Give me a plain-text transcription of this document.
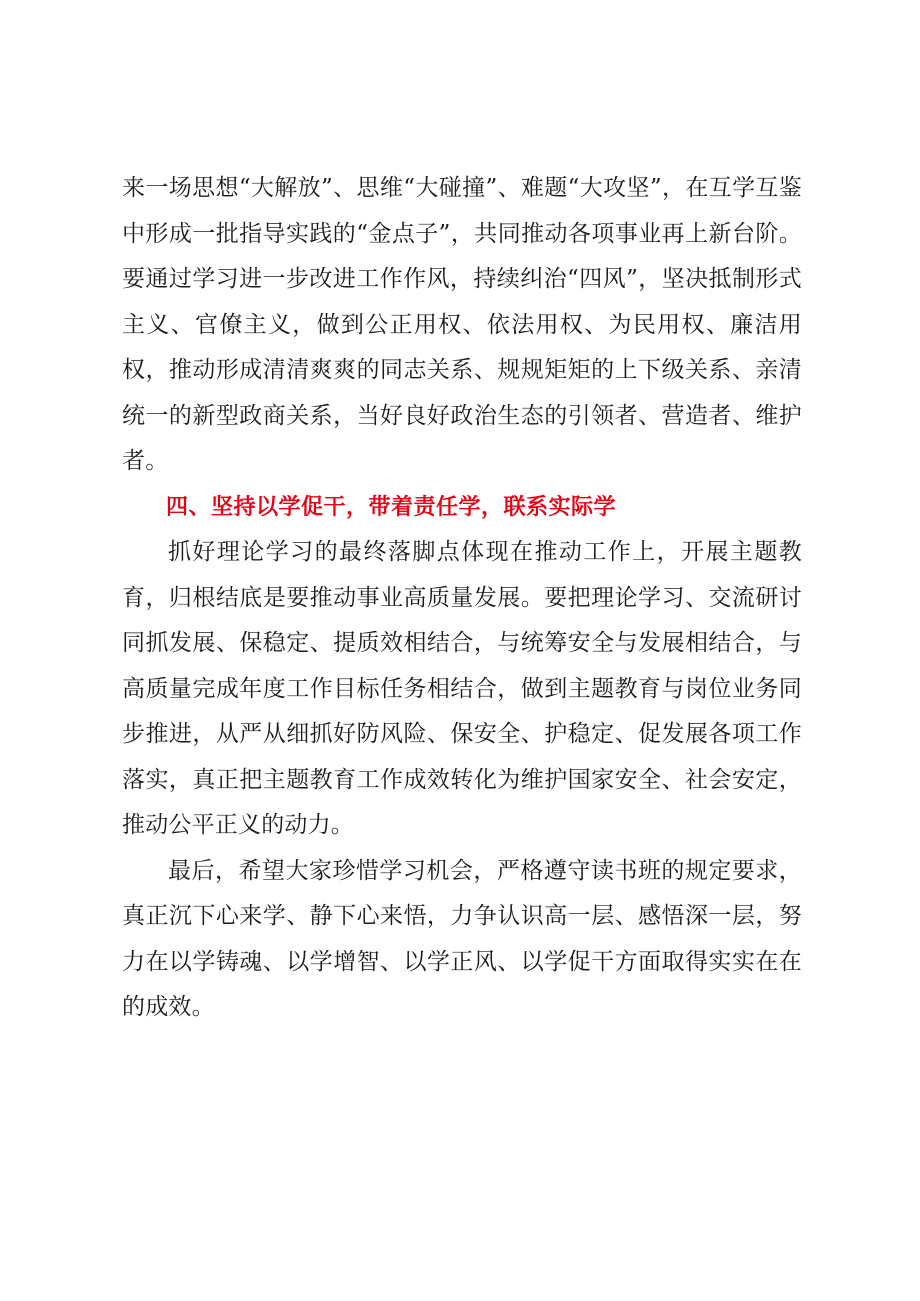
来一场思想“大解放”、思维“大碰撞”、难题“大攻坚”，在互学互鉴中形成一批指导实践的“金点子”，共同推动各项事业再上新台阶。要通过学习进一步改进工作作风，持续纠治“四风”，坚决抵制形式主义、官僚主义，做到公正用权、依法用权、为民用权、廉洁用权，推动形成清清爽爽的同志关系、规规矩矩的上下级关系、亲清统一的新型政商关系，当好良好政治生态的引领者、营造者、维护者。

四、坚持以学促干，带着责任学，联系实际学

抓好理论学习的最终落脚点体现在推动工作上，开展主题教育，归根结底是要推动事业高质量发展。要把理论学习、交流研讨同抓发展、保稳定、提质效相结合，与统筹安全与发展相结合，与高质量完成年度工作目标任务相结合，做到主题教育与岗位业务同步推进，从严从细抓好防风险、保安全、护稳定、促发展各项工作落实，真正把主题教育工作成效转化为维护国家安全、社会安定，推动公平正义的动力。

最后，希望大家珍惜学习机会，严格遵守读书班的规定要求，真正沉下心来学、静下心来悟，力争认识高一层、感悟深一层，努力在以学铸魂、以学增智、以学正风、以学促干方面取得实实在在的成效。
